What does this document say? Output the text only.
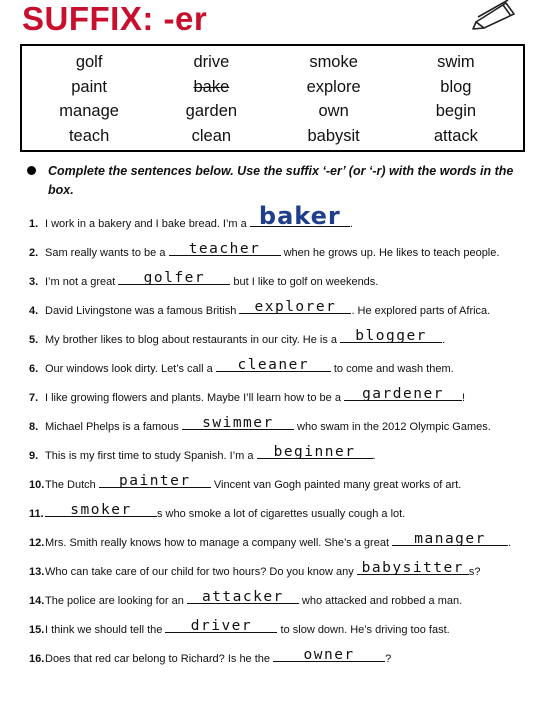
SUFFIX: -er
golf	drive	smoke	swim
paint	bake	explore	blog
manage	garden	own	begin
teach	clean	babysit	attack
Complete the sentences below. Use the suffix ‘-er’ (or ‘-r) with the words in the box.
1. I work in a bakery and I bake bread. I’m a baker .
2. Sam really wants to be a	teacher	when he grows up. He likes to teach people.
3. I’m not a great	golfer	but I like to golf on weekends.
4. David Livingstone was a famous British	explorer	. He explored parts of Africa.
5. My brother likes to blog about restaurants in our city. He is a	blogger	.
6. Our windows look dirty. Let’s call a	cleaner	to come and wash them.
7. I like growing flowers and plants. Maybe I’ll learn how to be a	gardener	!
8. Michael Phelps is a famous	swimmer	who swam in the 2012 Olympic Games.
9. This is my first time to study Spanish. I’m a	beginner	.
10.The Dutch	painter	Vincent van Gogh painted many great works of art.
11.	smoker	s who smoke a lot of cigarettes usually cough a lot.
12.Mrs. Smith really knows how to manage a company well. She’s a great	manager	.
13.Who can take care of our child for two hours? Do you know any babysitter s?
14.The police are looking for an	attacker	who attacked and robbed a man.
15.I think we should tell the	driver	to slow down. He’s driving too fast.
16.Does that red car belong to Richard? Is he the	owner	?
